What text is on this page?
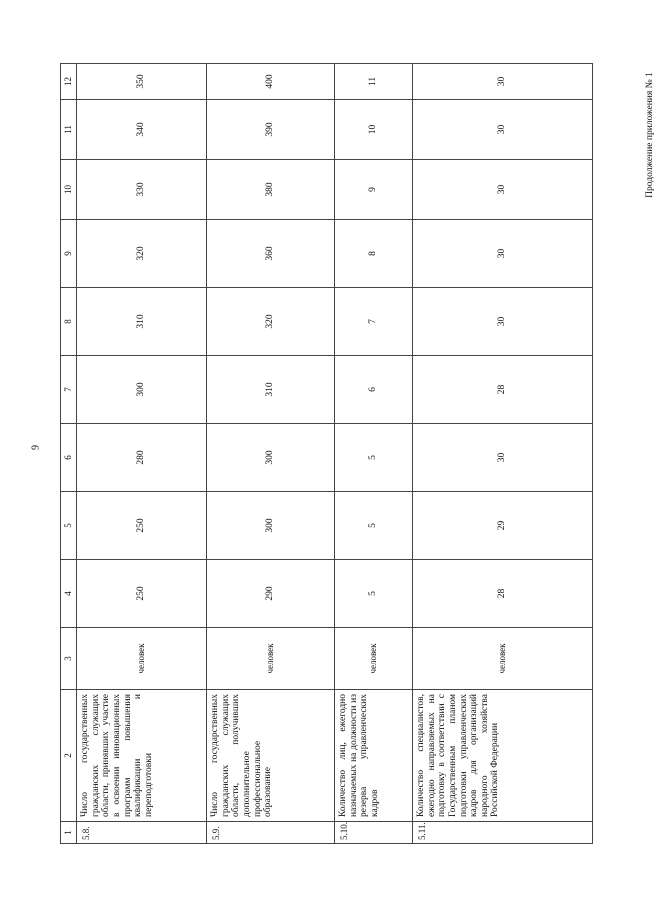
9
Продолжение приложения № 1
1	2	3	4	5	6	7	8	9	10	11	12
5.8.	Число государственных гражданских служащих области, принявших участие в освоении инновационных программ повышения квалификации и переподготовки	человек	250	250	280	300	310	320	330	340	350
5.9.	Число государственных гражданских служащих области, получивших дополнительное профессиональное образование	человек	290	300	300	310	320	360	380	390	400
5.10.	Количество лиц, ежегодно назначаемых на должности из резерва управленческих кадров	человек	5	5	5	6	7	8	9	10	11
5.11.	Количество специалистов, ежегодно направляемых на подготовку в соответствии с Государственным планом подготовки управленческих кадров для организаций народного хозяйства Российской Федерации	человек	28	29	30	28	30	30	30	30	30
